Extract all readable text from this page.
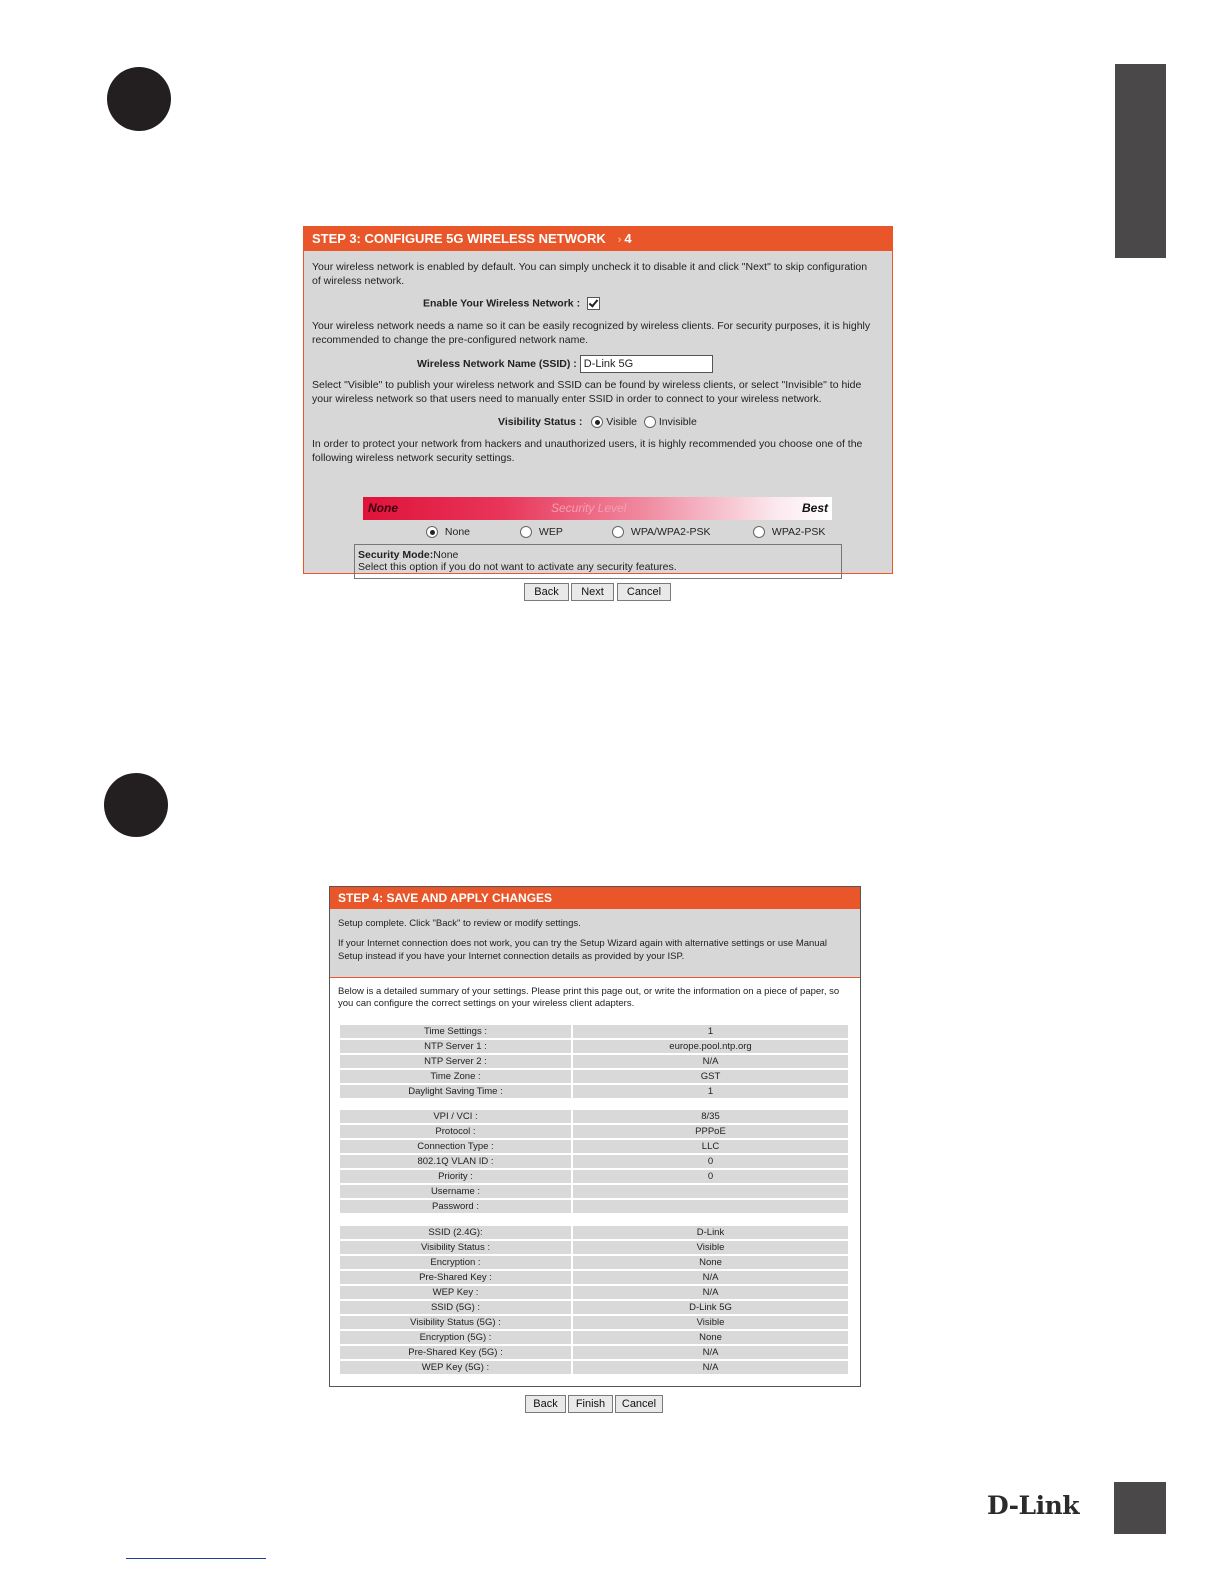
STEP 3: CONFIGURE 5G WIRELESS NETWORK › 4

Your wireless network is enabled by default. You can simply uncheck it to disable it and click "Next" to skip configuration of wireless network.

Enable Your Wireless Network :

Your wireless network needs a name so it can be easily recognized by wireless clients. For security purposes, it is highly recommended to change the pre-configured network name.

Wireless Network Name (SSID) : D-Link 5G

Select "Visible" to publish your wireless network and SSID can be found by wireless clients, or select "Invisible" to hide your wireless network so that users need to manually enter SSID in order to connect to your wireless network.

Visibility Status : Visible Invisible

In order to protect your network from hackers and unauthorized users, it is highly recommended you choose one of the following wireless network security settings.

None	Security Level	Best
None	WEP	WPA/WPA2-PSK	WPA2-PSK
Security Mode:None
Select this option if you do not want to activate any security features.
Back	Next	Cancel
STEP 4: SAVE AND APPLY CHANGES

Setup complete. Click "Back" to review or modify settings.

If your Internet connection does not work, you can try the Setup Wizard again with alternative settings or use Manual Setup instead if you have your Internet connection details as provided by your ISP.

Below is a detailed summary of your settings. Please print this page out, or write the information on a piece of paper, so you can configure the correct settings on your wireless client adapters.

Time Settings :	1
NTP Server 1 :	europe.pool.ntp.org
NTP Server 2 :	N/A
Time Zone :	GST
Daylight Saving Time :	1
VPI / VCI :	8/35
Protocol :	PPPoE
Connection Type :	LLC
802.1Q VLAN ID :	0
Priority :	0
Username :	
Password :	
SSID (2.4G):	D-Link
Visibility Status :	Visible
Encryption :	None
Pre-Shared Key :	N/A
WEP Key :	N/A
SSID (5G) :	D-Link 5G
Visibility Status (5G) :	Visible
Encryption (5G) :	None
Pre-Shared Key (5G) :	N/A
WEP Key (5G) :	N/A
Back	Finish	Cancel
D-Link
